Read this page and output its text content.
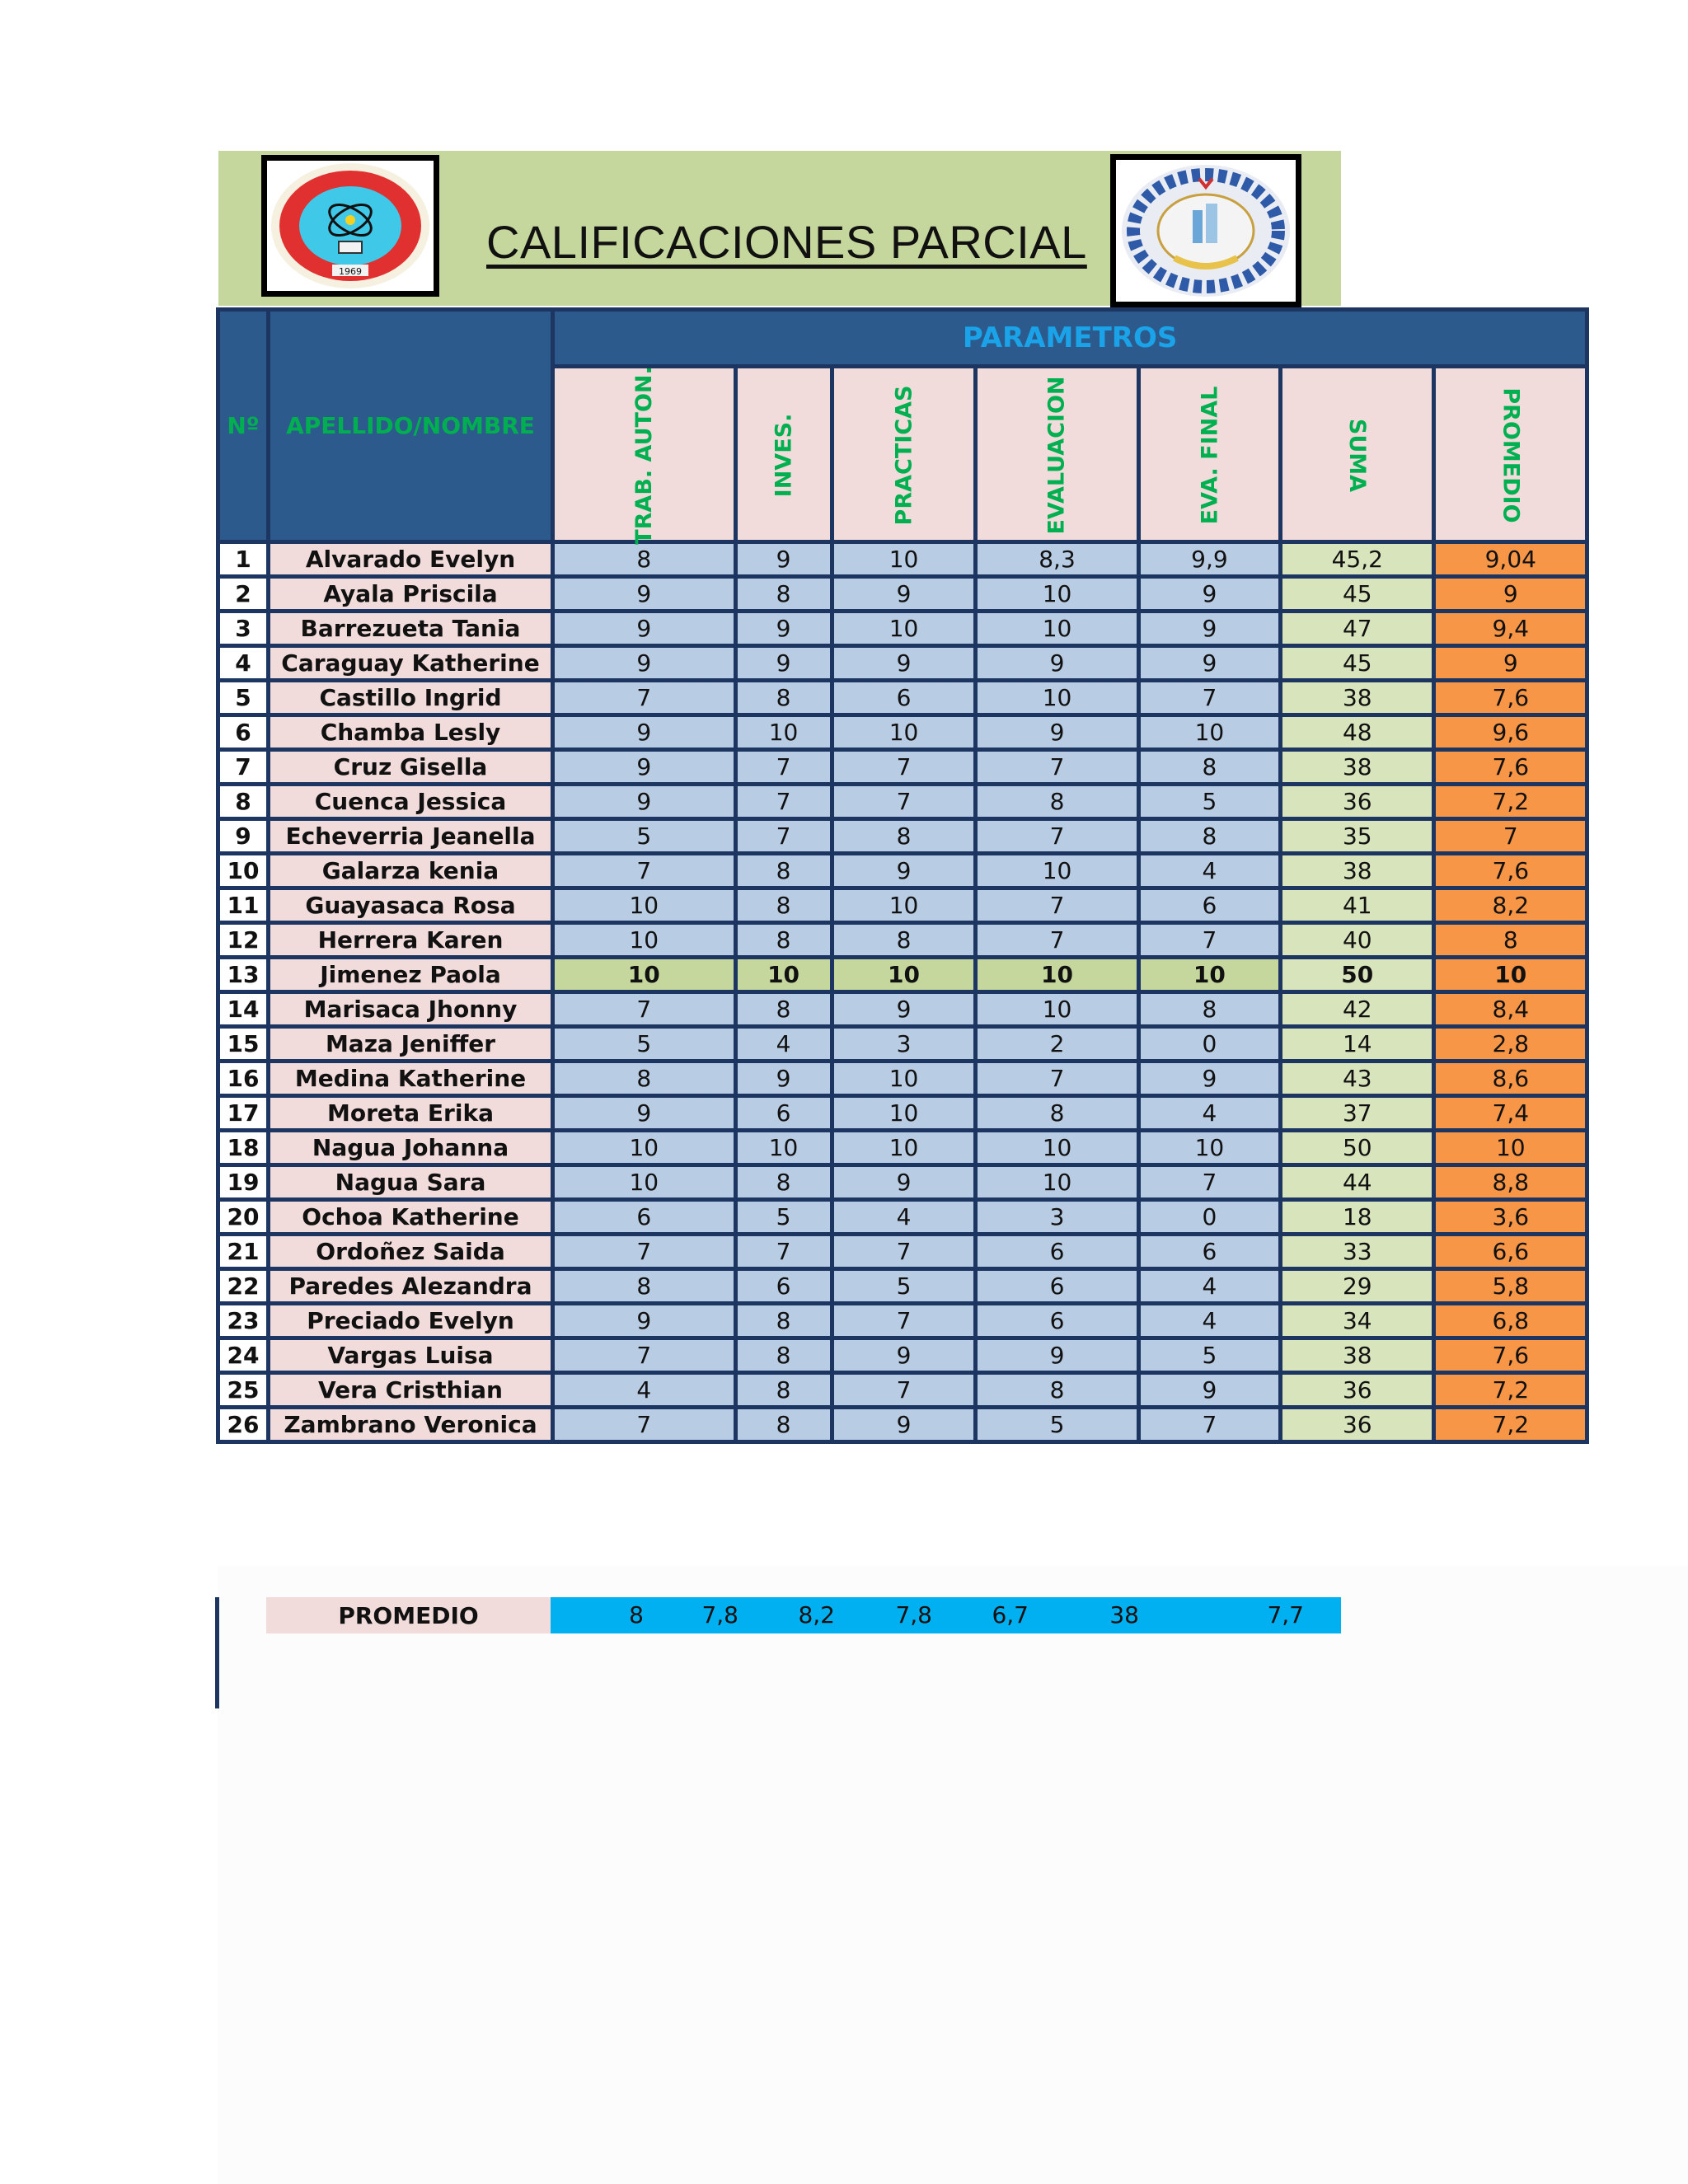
1969
CALIFICACIONES PARCIAL
Nº	APELLIDO/NOMBRE	PARAMETROS						
		TRAB. AUTON.	INVES.	PRACTICAS	EVALUACION	EVA. FINAL	SUMA	PROMEDIO
1	Alvarado Evelyn	8	9	10	8,3	9,9	45,2	9,04
2	Ayala Priscila	9	8	9	10	9	45	9
3	Barrezueta Tania	9	9	10	10	9	47	9,4
4	Caraguay Katherine	9	9	9	9	9	45	9
5	Castillo Ingrid	7	8	6	10	7	38	7,6
6	Chamba Lesly	9	10	10	9	10	48	9,6
7	Cruz Gisella	9	7	7	7	8	38	7,6
8	Cuenca Jessica	9	7	7	8	5	36	7,2
9	Echeverria Jeanella	5	7	8	7	8	35	7
10	Galarza kenia	7	8	9	10	4	38	7,6
11	Guayasaca Rosa	10	8	10	7	6	41	8,2
12	Herrera Karen	10	8	8	7	7	40	8
13	Jimenez Paola	10	10	10	10	10	50	10
14	Marisaca Jhonny	7	8	9	10	8	42	8,4
15	Maza Jeniffer	5	4	3	2	0	14	2,8
16	Medina Katherine	8	9	10	7	9	43	8,6
17	Moreta Erika	9	6	10	8	4	37	7,4
18	Nagua Johanna	10	10	10	10	10	50	10
19	Nagua Sara	10	8	9	10	7	44	8,8
20	Ochoa Katherine	6	5	4	3	0	18	3,6
21	Ordoñez Saida	7	7	7	6	6	33	6,6
22	Paredes Alezandra	8	6	5	6	4	29	5,8
23	Preciado Evelyn	9	8	7	6	4	34	6,8
24	Vargas Luisa	7	8	9	9	5	38	7,6
25	Vera Cristhian	4	8	7	8	9	36	7,2
26	Zambrano Veronica	7	8	9	5	7	36	7,2
PROMEDIO	8	7,8	8,2	7,8	6,7	38	7,7
